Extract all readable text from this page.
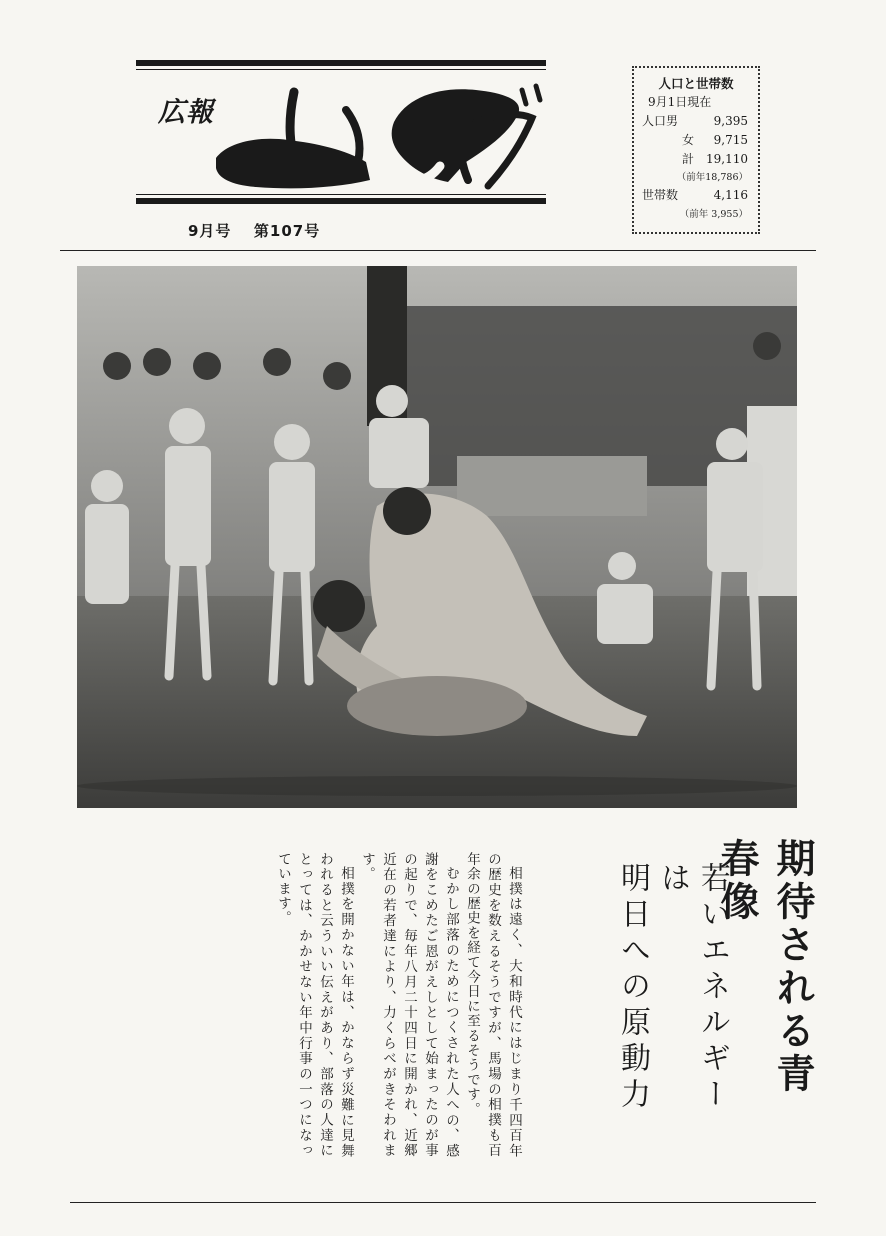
広報
9月号 第107号
人口と世帯数
9月1日現在
人口男	9,395
女 9,715
計 19,110
（前年18,786）
世帯数	4,116
（前年 3,955）
期待される青春像
若いエネルギーは
明日への原動力

相撲は遠く、大和時代にはじまり千四百年の歴史を数えるそうですが、馬場の相撲も百年余の歴史を経て今日に至るそうです。

むかし部落のためにつくされた人への、感謝をこめたご恩がえしとして始まったのが事の起りで、毎年八月二十四日に開かれ、近郷近在の若者達により、力くらべがきそわれます。

相撲を開かない年は、かならず災難に見舞われると云ういい伝えがあり、部落の人達にとっては、かかせない年中行事の一つになっています。
